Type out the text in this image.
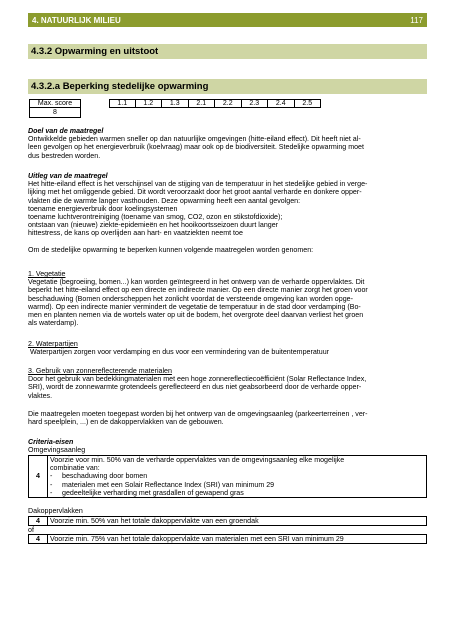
4. NATUURLIJK MILIEU	117
4.3.2 Opwarming en uitstoot
4.3.2.a Beperking stedelijke opwarming
Max. score	1.1	1.2	1.3	2.1	2.2	2.3	2.4	2.5
8

Doel van de maatregel

Ontwikkelde gebieden warmen sneller op dan natuurlijke omgevingen (hitte-eiland effect). Dit heeft niet al-

leen gevolgen op het energieverbruik (koelvraag) maar ook op de biodiversiteit. Stedelijke opwarming moet

dus bestreden worden.

Uitleg van de maatregel

Het hitte-eiland effect is het verschijnsel van de stijging van de temperatuur in het stedelijke gebied in verge-

lijking met het omliggende gebied. Dit wordt veroorzaakt door het groot aantal verharde en donkere opper-

vlakten die de warmte langer vasthouden. Deze opwarming heeft een aantal gevolgen:

toename energieverbruik door koelingsystemen

toename luchtverontreiniging (toename van smog, CO2, ozon en stikstofdioxide);

ontstaan van (nieuwe) ziekte-epidemieën en het hooikoortsseizoen duurt langer

hittestress, de kans op overlijden aan hart- en vaatziekten neemt toe

Om de stedelijke opwarming te beperken kunnen volgende maatregelen worden genomen:

1. Vegetatie

Vegetatie (begroeiing, bomen...) kan worden geïntegreerd in het ontwerp van de verharde oppervlaktes. Dit

beperkt het hitte-eiland effect op een directe en indirecte manier. Op een directe manier zorgt het groen voor

beschaduwing (Bomen onderscheppen het zonlicht voordat de versteende omgeving kan worden opge-

warmd). Op een indirecte manier vermindert de vegetatie de temperatuur in de stad door verdamping (Bo-

men en planten nemen via de wortels water op uit de bodem, het overgrote deel daarvan verliest het groen

als waterdamp).

2. Waterpartijen

Waterpartijen zorgen voor verdamping en dus voor een vermindering van de buitentemperatuur

3. Gebruik van zonnereflecterende materialen

Door het gebruik van bedekkingmaterialen met een hoge zonnereflectiecoëfficiënt (Solar Reflectance Index,

SRI), wordt de zonnewarmte grotendeels gereflecteerd en dus niet geabsorbeerd door de verharde opper-

vlaktes.

Die maatregelen moeten toegepast worden bij het ontwerp van de omgevingsaanleg (parkeerterreinen , ver-

hard speelplein, ...) en de dakoppervlakken van de gebouwen.

Criteria-eisen

Omgevingsaanleg

4	
Voorzie voor min. 50% van de verharde oppervlaktes van de omgevingsaanleg elke mogelijke
combinatie van:
-	beschaduwing door bomen
-	materialen met een Solair Reflectance Index (SRI) van minimum 29
-	gedeeltelijke verharding met grasdallen of gewapend gras
Dakoppervlakken
4	Voorzie min. 50% van het totale dakoppervlakte van een groendak
of
4	Voorzie min. 75% van het totale dakoppervlakte van materialen met een SRI van minimum 29
